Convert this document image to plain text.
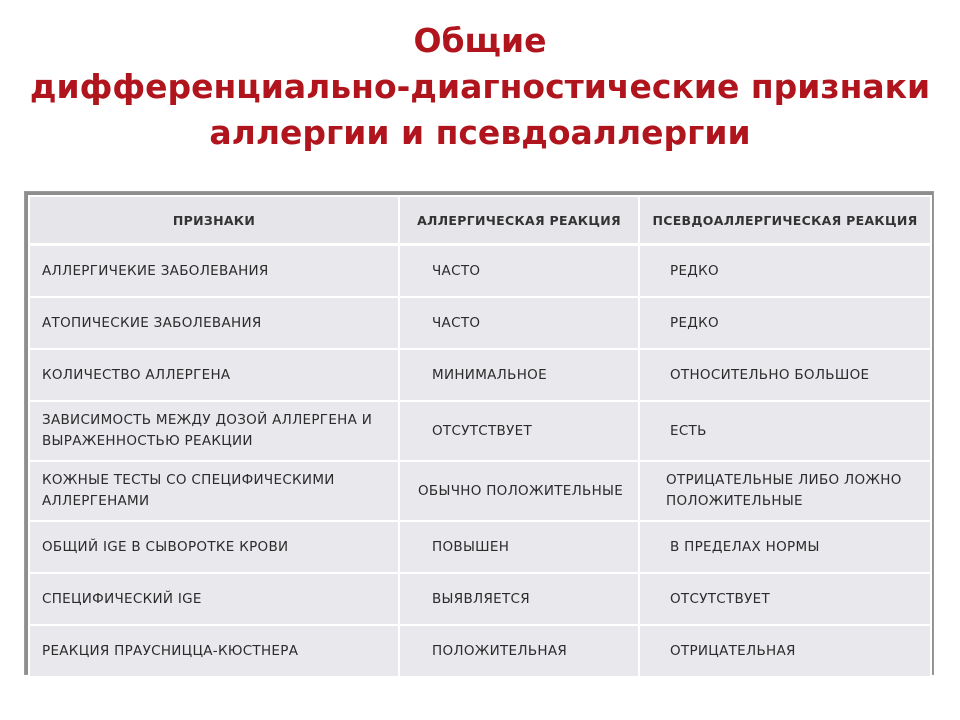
Общие
дифференциально-диагностические признаки
аллергии и псевдоаллергии
ПРИЗНАКИ	АЛЛЕРГИЧЕСКАЯ РЕАКЦИЯ	ПСЕВДОАЛЛЕРГИЧЕСКАЯ РЕАКЦИЯ
АЛЛЕРГИЧЕКИЕ ЗАБОЛЕВАНИЯ	ЧАСТО	РЕДКО
АТОПИЧЕСКИЕ ЗАБОЛЕВАНИЯ	ЧАСТО	РЕДКО
КОЛИЧЕСТВО АЛЛЕРГЕНА	МИНИМАЛЬНОЕ	ОТНОСИТЕЛЬНО БОЛЬШОЕ
ЗАВИСИМОСТЬ МЕЖДУ ДОЗОЙ АЛЛЕРГЕНА И ВЫРАЖЕННОСТЬЮ РЕАКЦИИ	ОТСУТСТВУЕТ	ЕСТЬ
КОЖНЫЕ ТЕСТЫ СО СПЕЦИФИЧЕСКИМИ АЛЛЕРГЕНАМИ	ОБЫЧНО ПОЛОЖИТЕЛЬНЫЕ	ОТРИЦАТЕЛЬНЫЕ ЛИБО ЛОЖНО ПОЛОЖИТЕЛЬНЫЕ
ОБЩИЙ IGE В СЫВОРОТКЕ КРОВИ	ПОВЫШЕН	В ПРЕДЕЛАХ НОРМЫ
СПЕЦИФИЧЕСКИЙ IGE	ВЫЯВЛЯЕТСЯ	ОТСУТСТВУЕТ
РЕАКЦИЯ ПРАУСНИЦЦА-КЮСТНЕРА	ПОЛОЖИТЕЛЬНАЯ	ОТРИЦАТЕЛЬНАЯ
